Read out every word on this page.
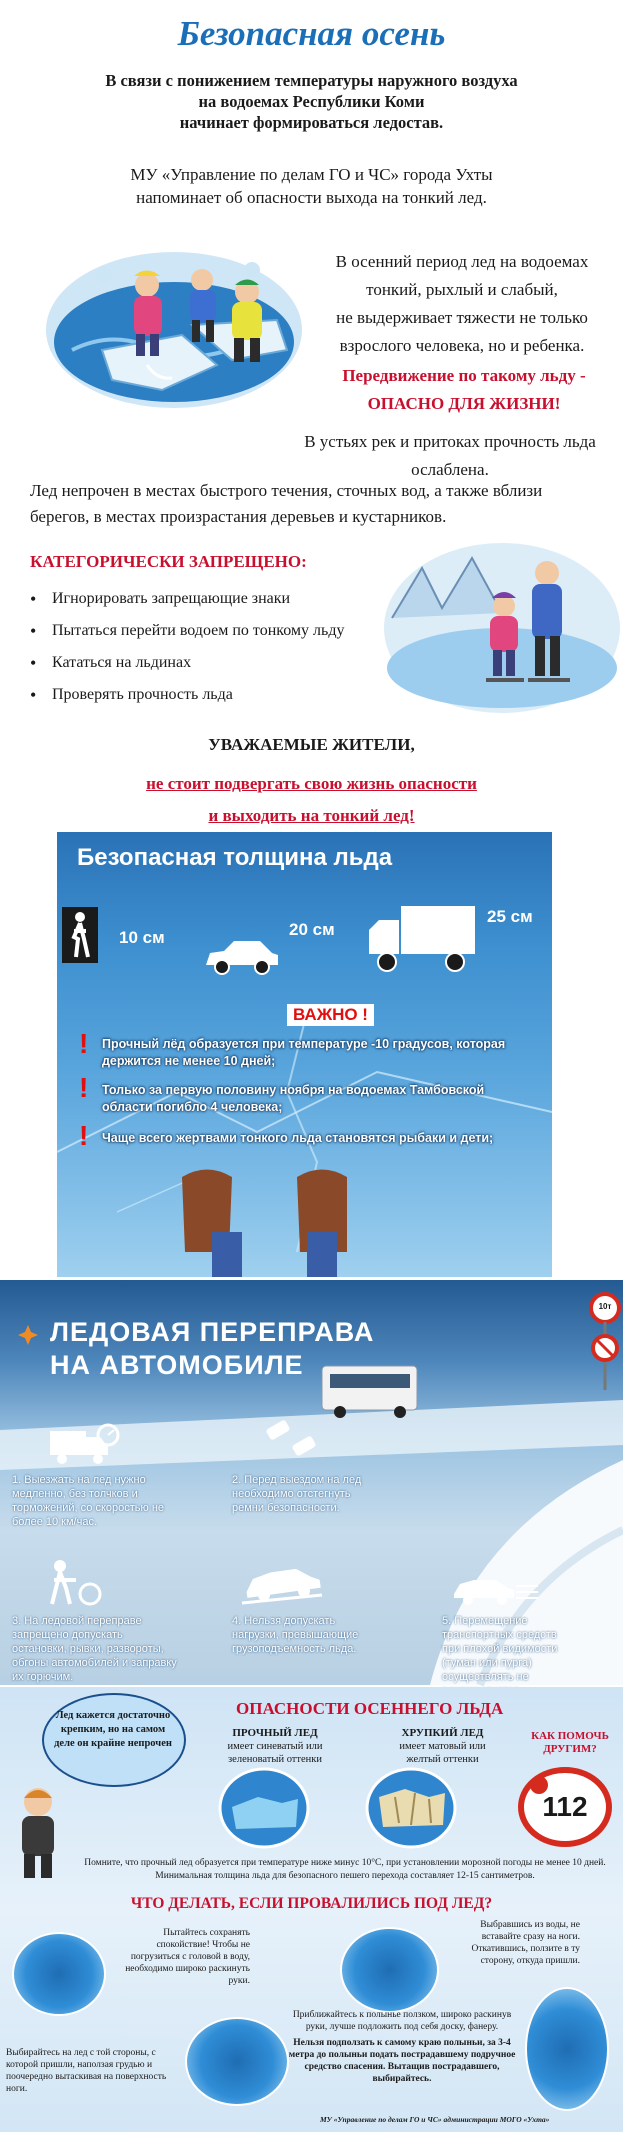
Безопасная осень
В связи с понижением температуры наружного воздуха
на водоемах Республики Коми
начинает формироваться ледостав.
МУ «Управление по делам ГО и ЧС» города Ухты
напоминает об опасности выхода на тонкий лед.
В осенний период лед на водоемах
тонкий, рыхлый и слабый,
не выдерживает тяжести не только
взрослого человека, но и ребенка.
Передвижение по такому льду -
ОПАСНО ДЛЯ ЖИЗНИ!
В устьях рек и притоках прочность льда
ослаблена.
Лед непрочен в местах быстрого течения, сточных вод, а также вблизи
берегов, в местах произрастания деревьев и кустарников.
КАТЕГОРИЧЕСКИ ЗАПРЕЩЕНО:
• Игнорировать запрещающие знаки
• Пытаться перейти водоем по тонкому льду
• Кататься на льдинах
• Проверять прочность льда
УВАЖАЕМЫЕ ЖИТЕЛИ,
не стоит подвергать свою жизнь опасности
и выходить на тонкий лед!
Безопасная толщина льда
10 см	20 см
25 см
ВАЖНО !
! Прочный лёд образуется при температуре -10 градусов, которая держится не менее 10 дней;
! Только за первую половину ноября на водоемах Тамбовской области погибло 4 человека;
! Чаще всего жертвами тонкого льда становятся рыбаки и дети;
ЛЕДОВАЯ ПЕРЕПРАВА
НА АВТОМОБИЛЕ
10т
1. Выезжать на лед нужно медленно, без толчков и торможений, со скоростью не более 10 км/час.
2. Перед выездом на лед необходимо отстегнуть ремни безопасности.
3. На ледовой переправе запрещено допускать остановки, рывки, развороты, обгоны автомобилей и заправку их горючим.
4. Нельзя допускать нагрузки, превышающие грузоподъемность льда.
5. Перемещение транспортных средств при плохой видимости (туман или пурга) осуществлять не
Лед кажется достаточно крепким, но на самом деле он крайне непрочен
ОПАСНОСТИ ОСЕННЕГО ЛЬДА
ПРОЧНЫЙ ЛЕД
имеет синеватый или зеленоватый оттенки
ХРУПКИЙ ЛЕД
имеет матовый или желтый оттенки
КАК ПОМОЧЬ ДРУГИМ?
112
Помните, что прочный лед образуется при температуре ниже минус 10°С, при установлении морозной погоды не менее 10 дней. Минимальная толщина льда для безопасного пешего перехода составляет 12-15 сантиметров.
ЧТО ДЕЛАТЬ, ЕСЛИ ПРОВАЛИЛИСЬ ПОД ЛЕД?
Пытайтесь сохранять спокойствие! Чтобы не погрузиться с головой в воду, необходимо широко раскинуть руки.
Выбравшись из воды, не вставайте сразу на ноги. Откатившись, ползите в ту сторону, откуда пришли.
Выбирайтесь на лед с той стороны, с которой пришли, наползая грудью и поочередно вытаскивая на поверхность ноги.
Приближайтесь к полынье ползком, широко раскинув руки, лучше подложить под себя доску, фанеру.
Нельзя подползать к самому краю полыньи, за 3-4 метра до полыньи подать пострадавшему подручное средство спасения. Вытащив пострадавшего, выбирайтесь.
МУ «Управление по делам ГО и ЧС» администрации МОГО «Ухта»
